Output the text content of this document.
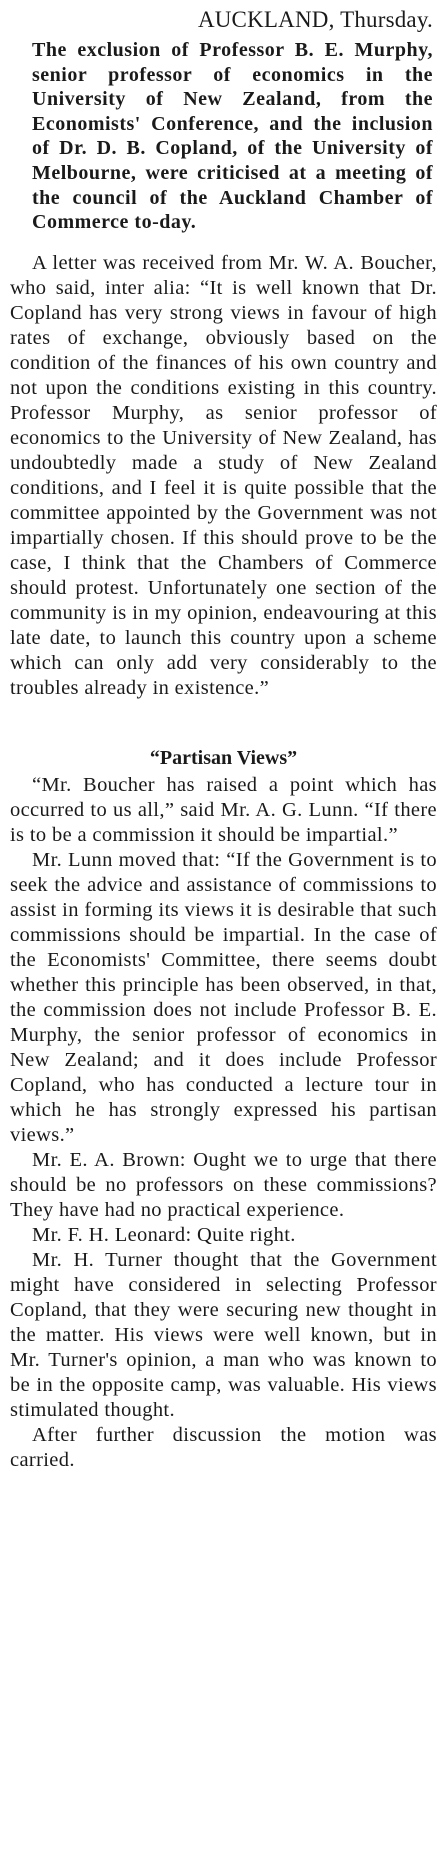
AUCKLAND, Thursday.

The exclusion of Professor B. E. Murphy, senior professor of economics in the University of New Zealand, from the Economists' Conference, and the inclusion of Dr. D. B. Copland, of the University of Melbourne, were criticised at a meeting of the council of the Auckland Chamber of Commerce to-day.

A letter was received from Mr. W. A. Boucher, who said, inter alia: “It is well known that Dr. Copland has very strong views in favour of high rates of exchange, obviously based on the condition of the finances of his own country and not upon the conditions existing in this country. Professor Murphy, as senior professor of economics to the University of New Zealand, has undoubtedly made a study of New Zealand conditions, and I feel it is quite possible that the committee appointed by the Government was not impartially chosen. If this should prove to be the case, I think that the Chambers of Commerce should protest. Unfortunately one section of the community is in my opinion, endeavouring at this late date, to launch this country upon a scheme which can only add very considerably to the troubles already in existence.”

“Partisan Views”

“Mr. Boucher has raised a point which has occurred to us all,” said Mr. A. G. Lunn. “If there is to be a commission it should be impartial.”

Mr. Lunn moved that: “If the Government is to seek the advice and assistance of commissions to assist in forming its views it is desirable that such commissions should be impartial. In the case of the Economists' Committee, there seems doubt whether this principle has been observed, in that, the commission does not include Professor B. E. Murphy, the senior professor of economics in New Zealand; and it does include Professor Copland, who has conducted a lecture tour in which he has strongly expressed his partisan views.”

Mr. E. A. Brown: Ought we to urge that there should be no professors on these commissions? They have had no practical experience.

Mr. F. H. Leonard: Quite right.

Mr. H. Turner thought that the Government might have considered in selecting Professor Copland, that they were securing new thought in the matter. His views were well known, but in Mr. Turner's opinion, a man who was known to be in the opposite camp, was valuable. His views stimulated thought.

After further discussion the motion was carried.
